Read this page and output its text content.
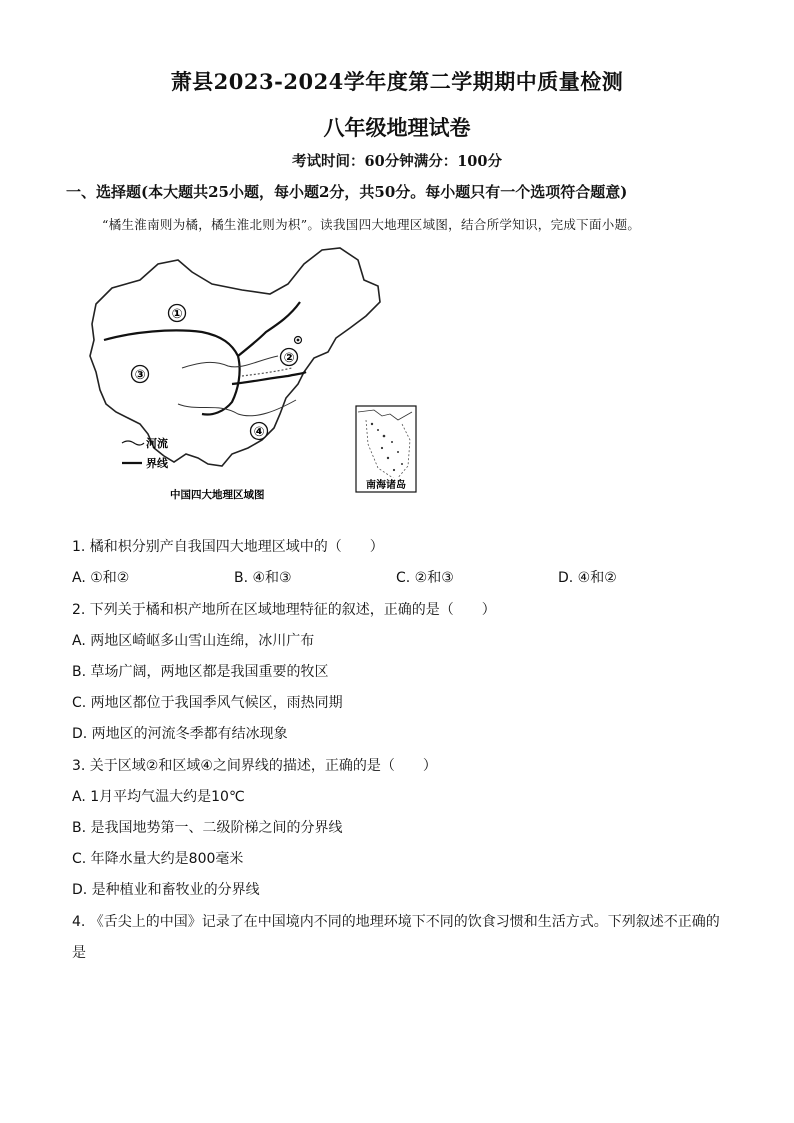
萧县2023-2024学年度第二学期期中质量检测
八年级地理试卷
考试时间：60分钟满分：100分
一、选择题(本大题共25小题，每小题2分，共50分。每小题只有一个选项符合题意)
“橘生淮南则为橘，橘生淮北则为枳”。读我国四大地理区域图，结合所学知识，完成下面小题。
①
②
③
④
河流
界线
中国四大地理区域图
南海诸岛
1. 橘和枳分别产自我国四大地理区域中的（　　）
A. ①和②	B. ④和③	C. ②和③	D. ④和②
2. 下列关于橘和枳产地所在区域地理特征的叙述，正确的是（　　）
A. 两地区崎岖多山雪山连绵，冰川广布
B. 草场广阔，两地区都是我国重要的牧区
C. 两地区都位于我国季风气候区，雨热同期
D. 两地区的河流冬季都有结冰现象
3. 关于区域②和区域④之间界线的描述，正确的是（　　）
A. 1月平均气温大约是10℃
B. 是我国地势第一、二级阶梯之间的分界线
C. 年降水量大约是800毫米
D. 是种植业和畜牧业的分界线
4. 《舌尖上的中国》记录了在中国境内不同的地理环境下不同的饮食习惯和生活方式。下列叙述不正确的
是
